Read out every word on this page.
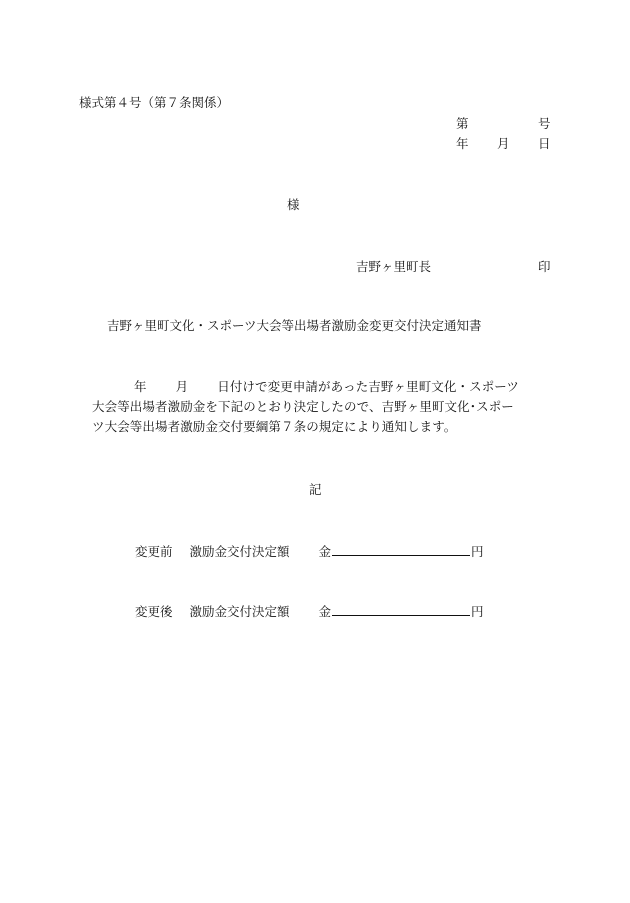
様式第４号（第７条関係）
第	号
年 月 日
様
吉野ヶ里町長	印
吉野ヶ里町文化・スポーツ大会等出場者激励金変更交付決定通知書
年 月 日付けで変更申請があった吉野ヶ里町文化・スポーツ
大会等出場者激励金を下記のとおり決定したので、吉野ヶ里町文化･スポー
ツ大会等出場者激励金交付要綱第７条の規定により通知します。
記
変更前 激励金交付決定額 金	円
変更後 激励金交付決定額 金	円
